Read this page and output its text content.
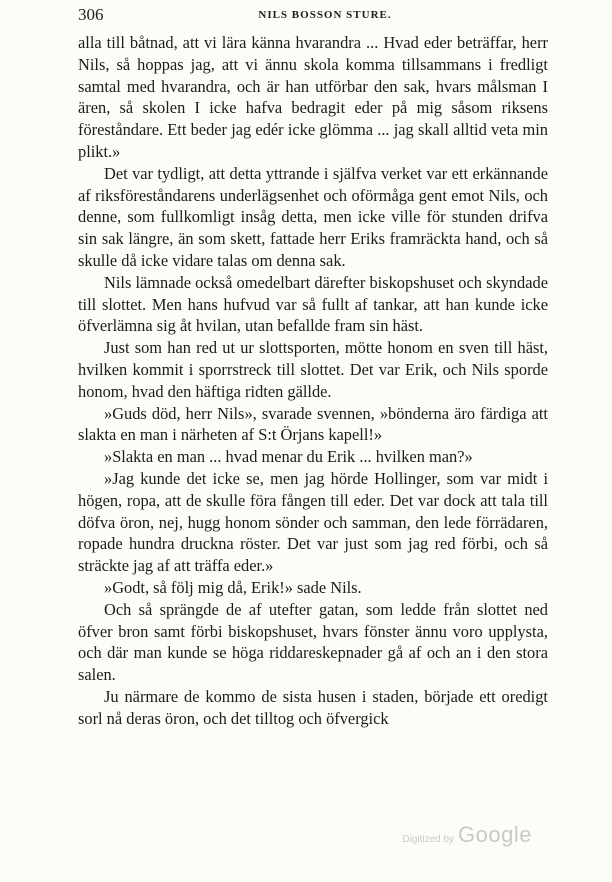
306	NILS BOSSON STURE.

alla till båtnad, att vi lära känna hvarandra ... Hvad eder beträffar, herr Nils, så hoppas jag, att vi ännu skola komma tillsammans i fredligt samtal med hvarandra, och är han utförbar den sak, hvars målsman I ären, så skolen I icke hafva bedragit eder på mig såsom riksens föreståndare. Ett beder jag edér icke glömma ... jag skall alltid veta min plikt.»

Det var tydligt, att detta yttrande i själfva verket var ett erkännande af riksföreståndarens underlägsenhet och oförmåga gent emot Nils, och denne, som fullkomligt insåg detta, men icke ville för stunden drifva sin sak längre, än som skett, fattade herr Eriks framräckta hand, och så skulle då icke vidare talas om denna sak.

Nils lämnade också omedelbart därefter biskopshuset och skyndade till slottet. Men hans hufvud var så fullt af tankar, att han kunde icke öfverlämna sig åt hvilan, utan befallde fram sin häst.

Just som han red ut ur slottsporten, mötte honom en sven till häst, hvilken kommit i sporrstreck till slottet. Det var Erik, och Nils sporde honom, hvad den häftiga ridten gällde.

»Guds död, herr Nils», svarade svennen, »bönderna äro färdiga att slakta en man i närheten af S:t Örjans kapell!»

»Slakta en man ... hvad menar du Erik ... hvilken man?»

»Jag kunde det icke se, men jag hörde Hollinger, som var midt i högen, ropa, att de skulle föra fången till eder. Det var dock att tala till döfva öron, nej, hugg honom sönder och samman, den lede förrädaren, ropade hundra druckna röster. Det var just som jag red förbi, och så sträckte jag af att träffa eder.»

»Godt, så följ mig då, Erik!» sade Nils.

Och så sprängde de af utefter gatan, som ledde från slottet ned öfver bron samt förbi biskopshuset, hvars fönster ännu voro upplysta, och där man kunde se höga riddareskepnader gå af och an i den stora salen.

Ju närmare de kommo de sista husen i staden, började ett oredigt sorl nå deras öron, och det tilltog och öfvergick

Digitized by Google
